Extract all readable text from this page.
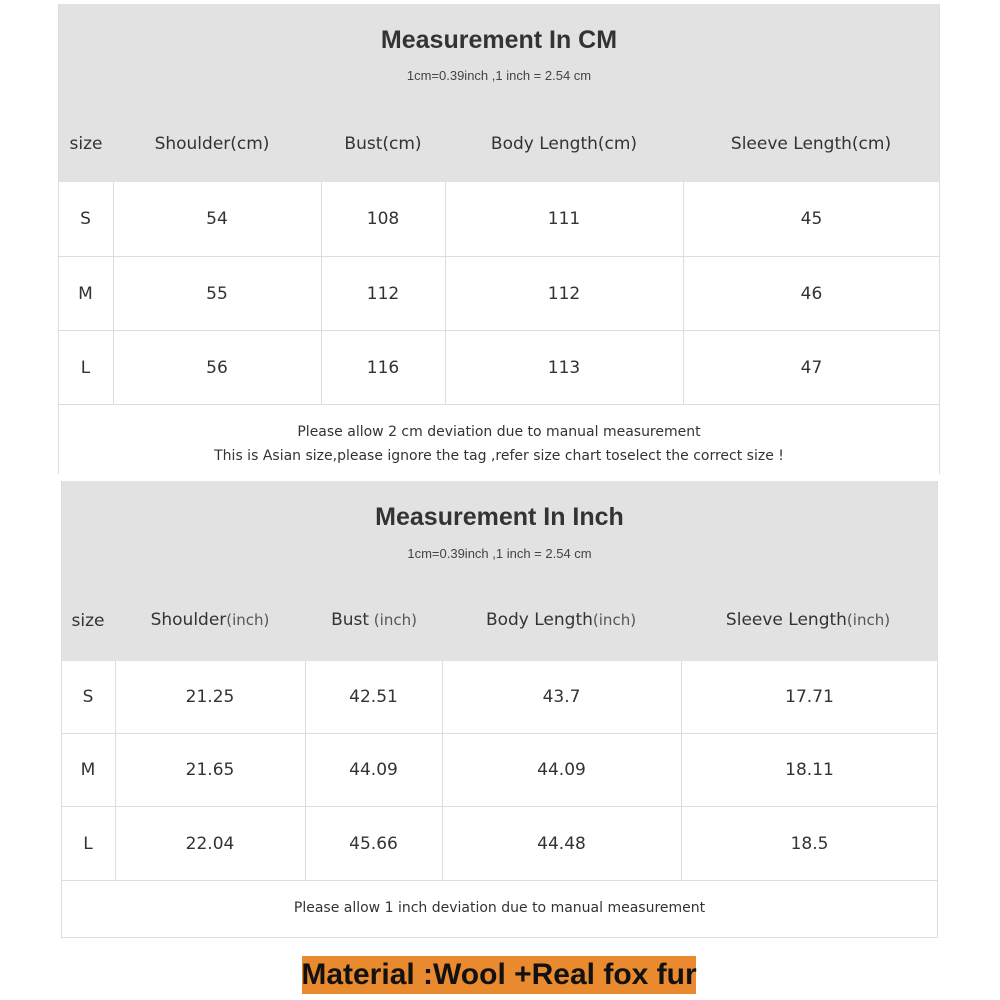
Measurement In CM
1cm=0.39inch ,1 inch = 2.54 cm
size	Shoulder(cm)	Bust(cm)	Body Length(cm)	Sleeve Length(cm)
S	54	108	111	45
M	55	112	112	46
L	56	116	113	47
Please allow 2 cm deviation due to manual measurement
This is Asian size,please ignore the tag ,refer size chart toselect the correct size !
Measurement In Inch
1cm=0.39inch ,1 inch = 2.54 cm
size	Shoulder(inch)	Bust (inch)	Body Length(inch)	Sleeve Length(inch)
S	21.25	42.51	43.7	17.71
M	21.65	44.09	44.09	18.11
L	22.04	45.66	44.48	18.5
Please allow 1 inch deviation due to manual measurement
Material :Wool +Real fox fur
